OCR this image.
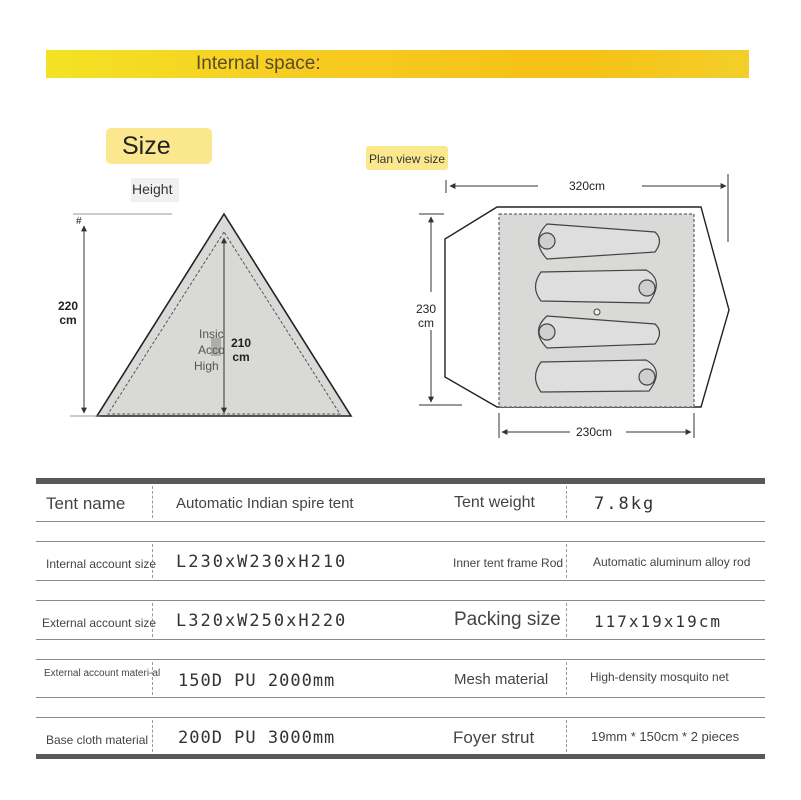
Internal space:
Size
Height
Plan view size
#
220
cm
Insic
Acco
High
210
cm
320cm
230
cm
230cm
Tent name	Automatic Indian spire tent	Tent weight	7.8kg
Internal account size L230xW230xH210	Inner tent frame Rod Automatic aluminum alloy rod
External account size L320xW250xH220	Packing size 117x19x19cm
External account materi-al 150D PU 2000mm	Mesh material	High-density mosquito net
Base cloth material 200D PU 3000mm	Foyer strut	19mm * 150cm * 2 pieces
